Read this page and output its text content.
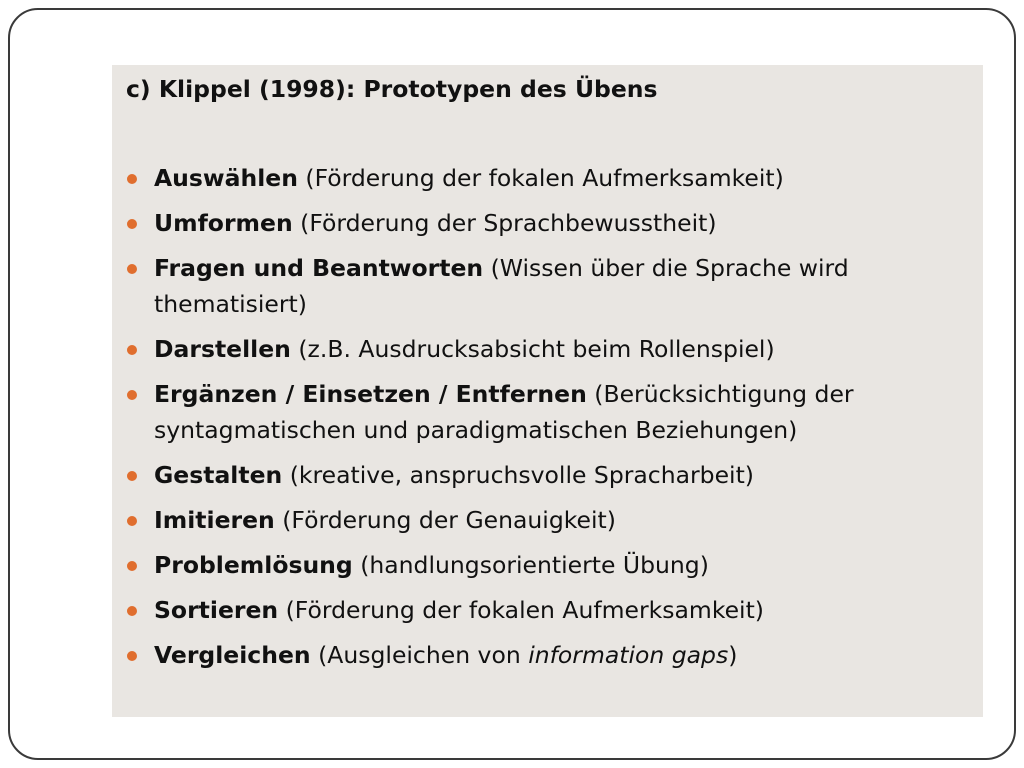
c) Klippel (1998): Prototypen des Übens
Auswählen (Förderung der fokalen Aufmerksamkeit)
Umformen (Förderung der Sprachbewusstheit)
Fragen und Beantworten (Wissen über die Sprache wird thematisiert)
Darstellen (z.B. Ausdrucksabsicht beim Rollenspiel)
Ergänzen / Einsetzen / Entfernen (Berücksichtigung der syntagmatischen und paradigmatischen Beziehungen)
Gestalten (kreative, anspruchsvolle Spracharbeit)
Imitieren (Förderung der Genauigkeit)
Problemlösung (handlungsorientierte Übung)
Sortieren (Förderung der fokalen Aufmerksamkeit)
Vergleichen (Ausgleichen von information gaps)
